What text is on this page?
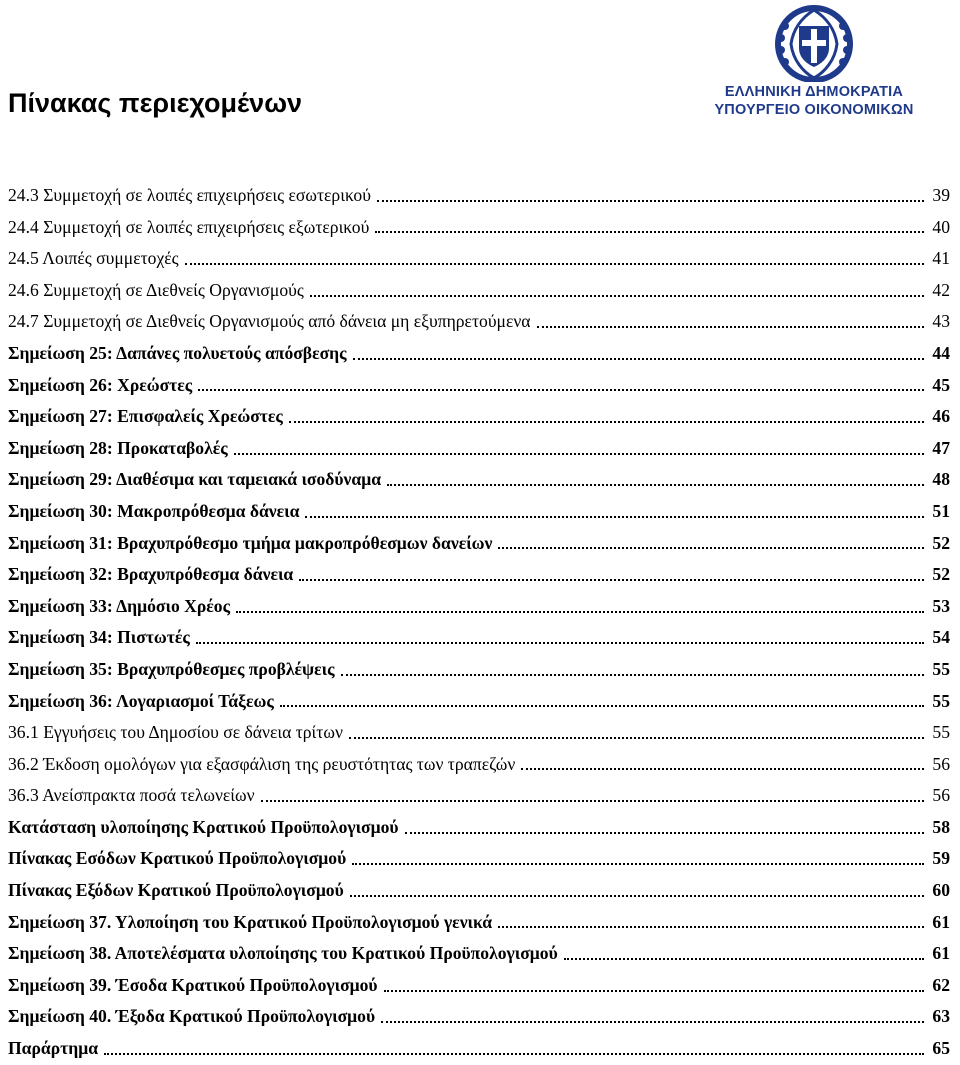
Πίνακας περιεχομένων	ΕΛΛΗΝΙΚΗ ΔΗΜΟΚΡΑΤΙΑ
ΥΠΟΥΡΓΕΙΟ ΟΙΚΟΝΟΜΙΚΩΝ
24.3 Συμμετοχή σε λοιπές επιχειρήσεις εσωτερικού	39
24.4 Συμμετοχή σε λοιπές επιχειρήσεις εξωτερικού	40
24.5 Λοιπές συμμετοχές	41
24.6 Συμμετοχή σε Διεθνείς Οργανισμούς	42
24.7 Συμμετοχή σε Διεθνείς Οργανισμούς από δάνεια μη εξυπηρετούμενα	43
Σημείωση 25: Δαπάνες πολυετούς απόσβεσης	44
Σημείωση 26: Χρεώστες	45
Σημείωση 27: Επισφαλείς Χρεώστες	46
Σημείωση 28: Προκαταβολές	47
Σημείωση 29: Διαθέσιμα και ταμειακά ισοδύναμα	48
Σημείωση 30: Μακροπρόθεσμα δάνεια	51
Σημείωση 31: Βραχυπρόθεσμο τμήμα μακροπρόθεσμων δανείων	52
Σημείωση 32: Βραχυπρόθεσμα δάνεια	52
Σημείωση 33: Δημόσιο Χρέος	53
Σημείωση 34: Πιστωτές	54
Σημείωση 35: Βραχυπρόθεσμες προβλέψεις	55
Σημείωση 36: Λογαριασμοί Τάξεως	55
36.1 Εγγυήσεις του Δημοσίου σε δάνεια τρίτων	55
36.2 Έκδοση ομολόγων για εξασφάλιση της ρευστότητας των τραπεζών	56
36.3 Ανείσπρακτα ποσά τελωνείων	56
Κατάσταση υλοποίησης Κρατικού Προϋπολογισμού	58
Πίνακας Εσόδων Κρατικού Προϋπολογισμού	59
Πίνακας Εξόδων Κρατικού Προϋπολογισμού	60
Σημείωση 37. Υλοποίηση του Κρατικού Προϋπολογισμού γενικά	61
Σημείωση 38. Αποτελέσματα υλοποίησης του Κρατικού Προϋπολογισμού	61
Σημείωση 39. Έσοδα Κρατικού Προϋπολογισμού	62
Σημείωση 40. Έξοδα Κρατικού Προϋπολογισμού	63
Παράρτημα	65
